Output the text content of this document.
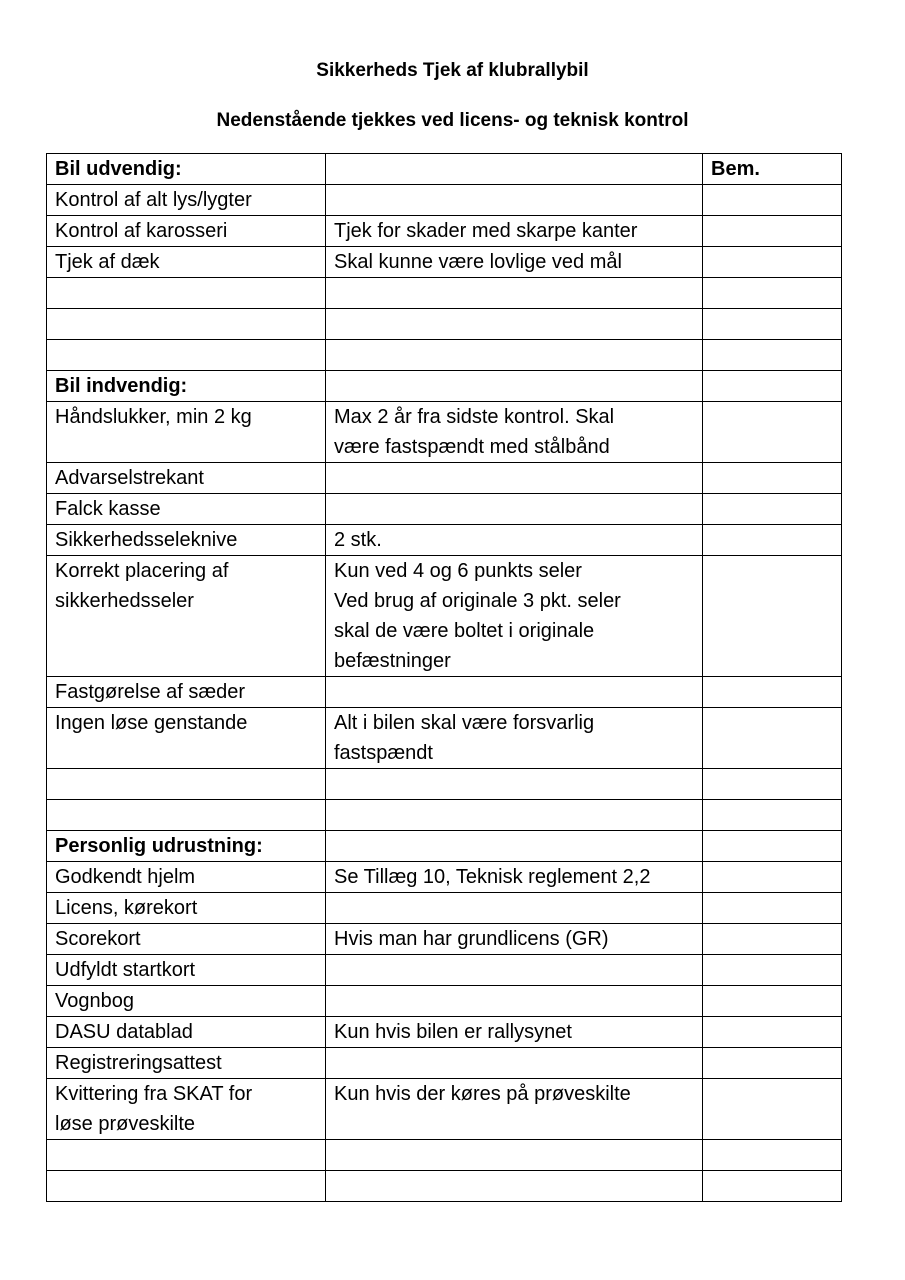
Sikkerheds Tjek af klubrallybil
Nedenstående tjekkes ved licens- og teknisk kontrol
Bil udvendig:		Bem.

Kontrol af alt lys/lygter		

Kontrol af karosseri	Tjek for skader med skarpe kanter	

Tjek af dæk	Skal kunne være lovlige ved mål	

Bil indvendig:		

Håndslukker, min 2 kg	Max 2 år fra sidste kontrol. Skal
være fastspændt med stålbånd	

Advarselstrekant		

Falck kasse		

Sikkerhedsseleknive	2 stk.	

Korrekt placering af
sikkerhedsseler	Kun ved 4 og 6 punkts seler
Ved brug af originale 3 pkt. seler
skal de være boltet i originale
befæstninger	

Fastgørelse af sæder		

Ingen løse genstande	Alt i bilen skal være forsvarlig
fastspændt	

Personlig udrustning:		

Godkendt hjelm	Se Tillæg 10, Teknisk reglement 2,2	

Licens, kørekort		

Scorekort	Hvis man har grundlicens (GR)	

Udfyldt startkort		

Vognbog		

DASU datablad	Kun hvis bilen er rallysynet	

Registreringsattest		

Kvittering fra SKAT for
løse prøveskilte	Kun hvis der køres på prøveskilte	
